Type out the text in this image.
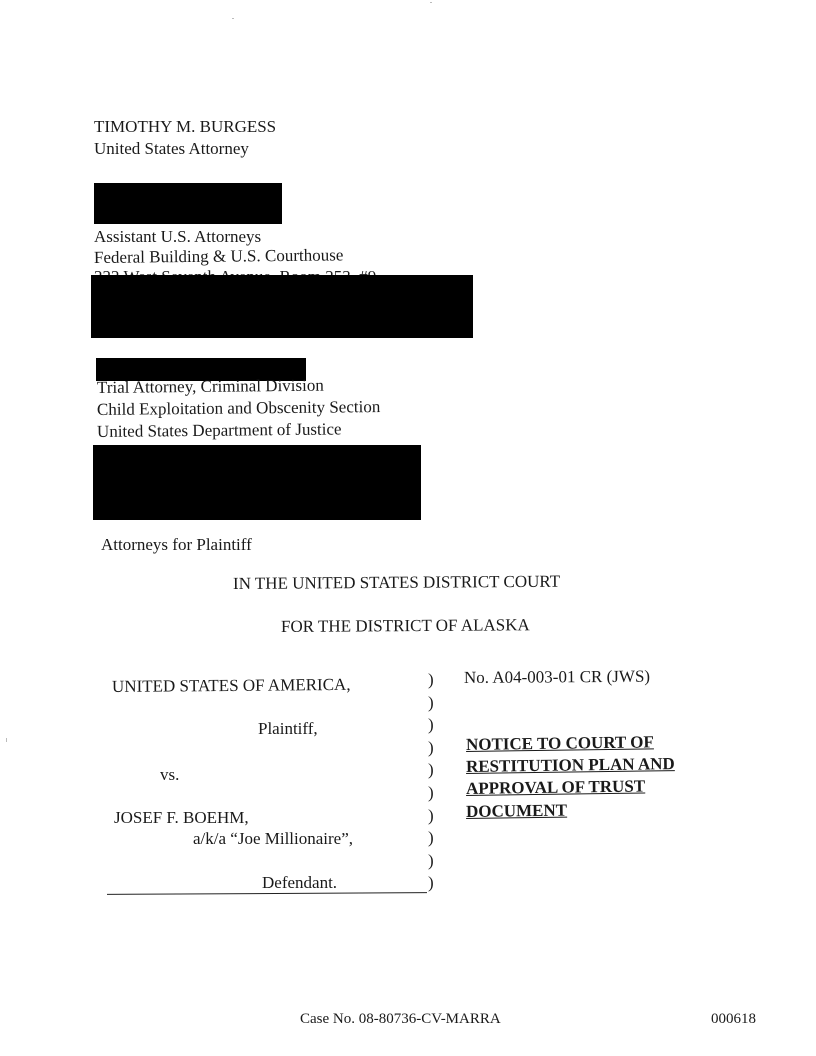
TIMOTHY M. BURGESS
United States Attorney
Assistant U.S. Attorneys
Federal Building & U.S. Courthouse
Trial Attorney, Criminal Division
Child Exploitation and Obscenity Section
United States Department of Justice
Attorneys for Plaintiff
IN THE UNITED STATES DISTRICT COURT
FOR THE DISTRICT OF ALASKA
UNITED STATES OF AMERICA,
Plaintiff,
vs.
JOSEF F. BOEHM,
a/k/a “Joe Millionaire”,
Defendant.
)
)
)
)
)
)
)
)
)
)
No. A04-003-01 CR (JWS)
NOTICE TO COURT OF
RESTITUTION PLAN AND
APPROVAL OF TRUST
DOCUMENT
Case No. 08-80736-CV-MARRA	000618
